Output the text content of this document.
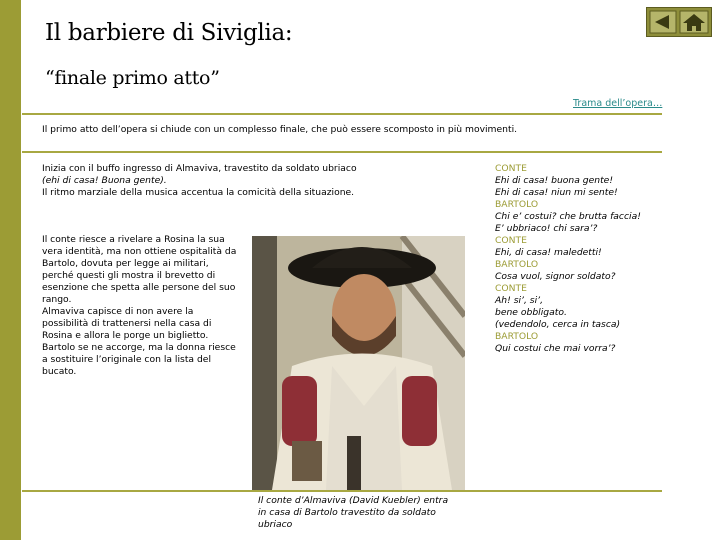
Il barbiere di Siviglia:
“finale primo atto”
Trama dell’opera…
Il primo atto dell’opera si chiude con un complesso finale, che può essere scomposto in più movimenti.
Inizia con il buffo ingresso di Almaviva, travestito da soldato ubriaco
(ehi di casa! Buona gente).
Il ritmo marziale della musica accentua la comicità della situazione.
Il conte riesce a rivelare a Rosina la sua vera identità, ma non ottiene ospitalità da Bartolo, dovuta per legge ai militari, perché questi gli mostra il brevetto di esenzione che spetta alle persone del suo rango.
Almaviva capisce di non avere la possibilità di trattenersi nella casa di Rosina e allora le porge un biglietto. Bartolo se ne accorge, ma la donna riesce a sostituire l’originale con la lista del bucato.
Il conte d’Almaviva (David Kuebler) entra in casa di Bartolo travestito da soldato ubriaco
CONTE
Ehi di casa! buona gente!
Ehi di casa! niun mi sente!
BARTOLO
Chi e’ costui? che brutta faccia!
E’ ubbriaco! chi sara’?
CONTE
Ehi, di casa! maledetti!
BARTOLO
Cosa vuol, signor soldato?
CONTE
Ah! si’, si’,
bene obbligato.
(vedendolo, cerca in tasca)
BARTOLO
Qui costui che mai vorra’?
